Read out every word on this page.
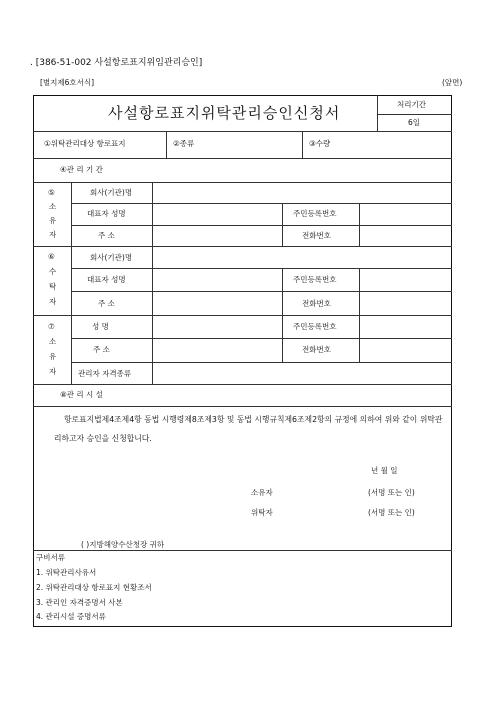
. [386-51-002 사설항로표지위임관리승인]
[별지제6호서식]	(앞면)
사설항로표지위탁관리승인신청서	처리기간
6일
①위탁관리대상 항로표지	②종류	③수량
④관 리 기 간
⑤
소
유
자
회사(기관)명
대표자 성명	주민등록번호
주 소	전화번호
⑥
수
탁
자
회사(기관)명
대표자 성명	주민등록번호
주 소	전화번호
⑦
소
유
자
성 명	주민등록번호
주 소	전화번호
관리자 자격종류
⑧관 리 시 설
항로표지법제4조제4항 동법 시행령제8조제3항 및 동법 시행규칙제6조제2항의 규정에 의하여 위와 같이 위탁관리하고자 승인을 신청합니다.
년 월 일
소유자	(서명 또는 인)
위탁자	(서명 또는 인)
( )지방해양수산청장 귀하
구비서류
1. 위탁관리사유서
2. 위탁관리대상 항로표지 현황조서
3. 관리인 자격증명서 사본
4. 관리시설 증명서류
